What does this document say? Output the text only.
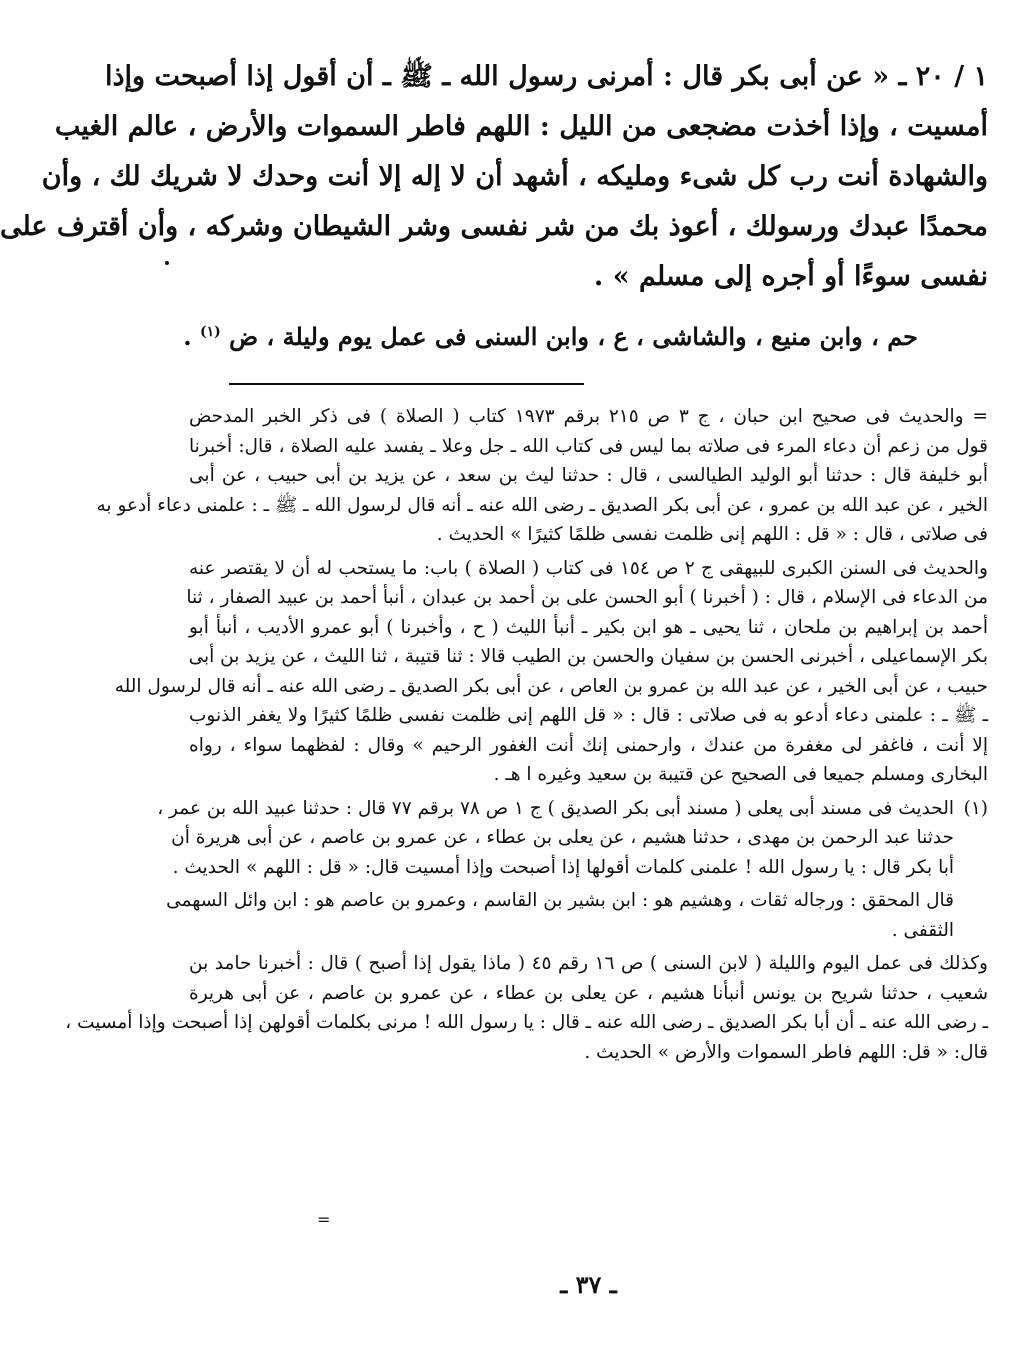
١ / ٢٠ ـ « عن أبى بكر قال : أمرنى رسول الله ـ ﷺ ـ أن أقول إذا أصبحت وإذا
أمسيت ، وإذا أخذت مضجعى من الليل : اللهم فاطر السموات والأرض ، عالم الغيب
والشهادة أنت رب كل شىء ومليكه ، أشهد أن لا إله إلا أنت وحدك لا شريك لك ، وأن
محمدًا عبدك ورسولك ، أعوذ بك من شر نفسى وشر الشيطان وشركه ، وأن أقترف على
نفسى سوءًا أو أجره إلى مسلم » .
حم ، وابن منيع ، والشاشى ، ع ، وابن السنى فى عمل يوم وليلة ، ض $^{(١)}$ .
= والحديث فى صحيح ابن حبان ، ج ٣ ص ٢١٥ برقم ١٩٧٣ كتاب ( الصلاة ) فى ذكر الخبر المدحض
قول من زعم أن دعاء المرء فى صلاته بما ليس فى كتاب الله ـ جل وعلا ـ يفسد عليه الصلاة ، قال: أخبرنا
أبو خليفة قال : حدثنا أبو الوليد الطيالسى ، قال : حدثنا ليث بن سعد ، عن يزيد بن أبى حبيب ، عن أبى
الخير ، عن عبد الله بن عمرو ، عن أبى بكر الصديق ـ رضى الله عنه ـ أنه قال لرسول الله ـ ﷺ ـ : علمنى دعاء أدعو به
فى صلاتى ، قال : « قل : اللهم إنى ظلمت نفسى ظلمًا كثيرًا » الحديث .
والحديث فى السنن الكبرى للبيهقى ج ٢ ص ١٥٤ فى كتاب ( الصلاة ) باب: ما يستحب له أن لا يقتصر عنه
من الدعاء فى الإسلام ، قال : ( أخبرنا ) أبو الحسن على بن أحمد بن عبدان ، أنبأ أحمد بن عبيد الصفار ، ثنا
أحمد بن إبراهيم بن ملحان ، ثنا يحيى ـ هو ابن بكير ـ أنبأ الليث ( ح ، وأخبرنا ) أبو عمرو الأديب ، أنبأ أبو
بكر الإسماعيلى ، أخبرنى الحسن بن سفيان والحسن بن الطيب قالا : ثنا قتيبة ، ثنا الليث ، عن يزيد بن أبى
حبيب ، عن أبى الخير ، عن عبد الله بن عمرو بن العاص ، عن أبى بكر الصديق ـ رضى الله عنه ـ أنه قال لرسول الله
ـ ﷺ ـ : علمنى دعاء أدعو به فى صلاتى : قال : « قل اللهم إنى ظلمت نفسى ظلمًا كثيرًا ولا يغفر الذنوب
إلا أنت ، فاغفر لى مغفرة من عندك ، وارحمنى إنك أنت الغفور الرحيم » وقال : لفظهما سواء ، رواه
البخارى ومسلم جميعا فى الصحيح عن قتيبة بن سعيد وغيره ا هـ .
(١)الحديث فى مسند أبى يعلى ( مسند أبى بكر الصديق ) ج ١ ص ٧٨ برقم ٧٧ قال : حدثنا عبيد الله بن عمر ،
حدثنا عبد الرحمن بن مهدى ، حدثنا هشيم ، عن يعلى بن عطاء ، عن عمرو بن عاصم ، عن أبى هريرة أن
أبا بكر قال : يا رسول الله ! علمنى كلمات أقولها إذا أصبحت وإذا أمسيت قال: « قل : اللهم » الحديث .
قال المحقق : ورجاله ثقات ، وهشيم هو : ابن بشير بن القاسم ، وعمرو بن عاصم هو : ابن وائل السهمى
الثقفى .
وكذلك فى عمل اليوم والليلة ( لابن السنى ) ص ١٦ رقم ٤٥ ( ماذا يقول إذا أصبح ) قال : أخبرنا حامد بن
شعيب ، حدثنا شريح بن يونس أنبأنا هشيم ، عن يعلى بن عطاء ، عن عمرو بن عاصم ، عن أبى هريرة
ـ رضى الله عنه ـ أن أبا بكر الصديق ـ رضى الله عنه ـ قال : يا رسول الله ! مرنى بكلمات أقولهن إذا أصبحت وإذا أمسيت ،
قال: « قل: اللهم فاطر السموات والأرض » الحديث .
=
ـ ٣٧ ـ
